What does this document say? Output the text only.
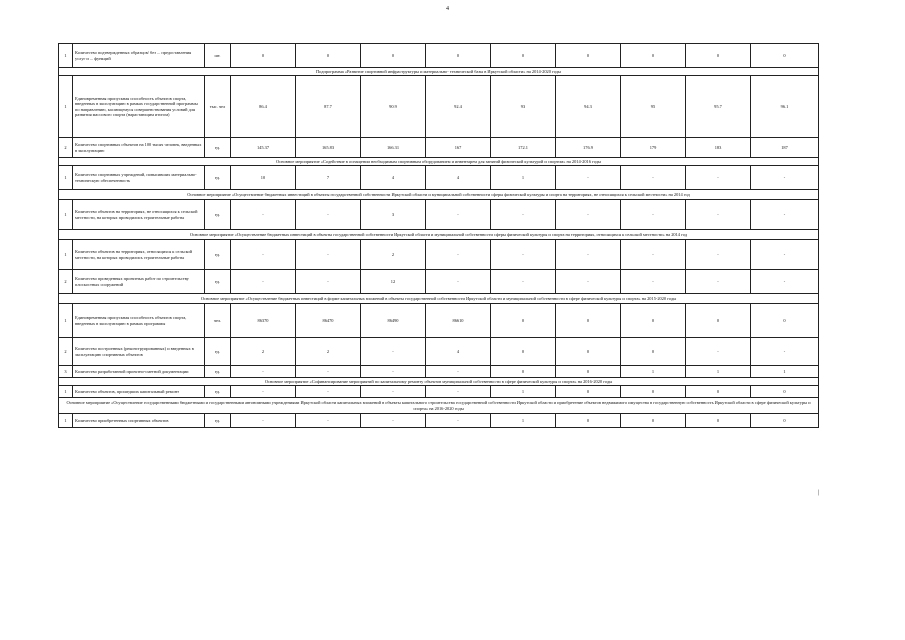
4
1	Количество подтвержденных образцов/ без ... предоставления услуг и ... функций	шт.	0	0	0	0	0	0	0	0	0
Подпрограмма «Развитие спортивной инфраструктуры и материально- технической базы в Иркутской области» на 2014-2020 годы											
1	Единовременная пропускная способность объектов спорта, введенных в эксплуатацию в рамках государственной программы по направлению, касающемуся совершенствования условий для развития массового спорта (нарастающим итогом)	тыс. чел	86.4	87.7	90.9	92.4	93	94.3	95	95.7	96.1
2	Количество спортивных объектов на 100 тысяч человек, введенных в эксплуатацию	ед.	145.37	165.83	166.31	167	172.1	176.9	179	183	187
Основное мероприятие «Содействие в оснащении необходимым спортивным оборудованием и инвентарем для занятий физической культурой и спортом» на 2014-2016 годы											
1	Количество спортивных учреждений, повысивших материально-техническую обеспеченность	ед.	10	7	4	4	1	-	-	-	-
Основное мероприятие «Осуществление бюджетных инвестиций в объекты государственной собственности Иркутской области и муниципальной собственности сферы физической культуры и спорта на территориях, не относящихся к сельской местности» на 2014 год											
1	Количество объектов на территориях, не относящихся к сельской местности, на которых проводились строительные работы	ед.	-	-	3	-	-	-	-	-	-
Основное мероприятие «Осуществление бюджетных инвестиций в объекты государственной собственности Иркутской области и муниципальной собственности сферы физической культуры и спорта на территориях, относящихся к сельской местности» на 2014 год											
1	Количество объектов на территориях, относящихся к сельской местности, на которых проводились строительные работы	ед.	-	-	2	-	-	-	-	-	-
2	Количество проведенных проектных работ по строительству плоскостных сооружений	ед.	-	-	12	-	-	-	-	-	-
Основное мероприятие «Осуществление бюджетных инвестиций в форме капитальных вложений в объекты государственной собственности Иркутской области и муниципальной собственности в сфере физической культуры и спорта» на 2015-2020 годы											
1	Единовременная пропускная способность объектов спорта, введенных в эксплуатацию в рамках программы	чел.	86370	86470	86490	86610	0	0	0	0	0
2	Количество построенных (реконструированных) и введенных в эксплуатацию спортивных объектов	ед.	2	2	-	4	0	0	0	-	-
3	Количество разработанной проектно-сметной документации	ед.	-	-	-	-	0	0	1	1	1
Основное мероприятие «Софинансирование мероприятий по капитальному ремонту объектов муниципальной собственности в сфере физической культуры и спорта» на 2016-2020 годы											
1	Количество объектов, прошедших капитальный ремонт	ед.	-	-	-	-	1	0	0	0	0
Основное мероприятие «Осуществление государственными бюджетными и государственными автономными учреждениями Иркутской области капитальных вложений в объекты капитального строительства государственной собственности Иркутской области и приобретение объектов недвижимого имущества в государственную собственность Иркутской области в сфере физической культуры и спорта» на 2016-2020 годы											
1	Количество приобретенных спортивных объектов	ед.	-	-	-	-	1	0	0	0	0
|
